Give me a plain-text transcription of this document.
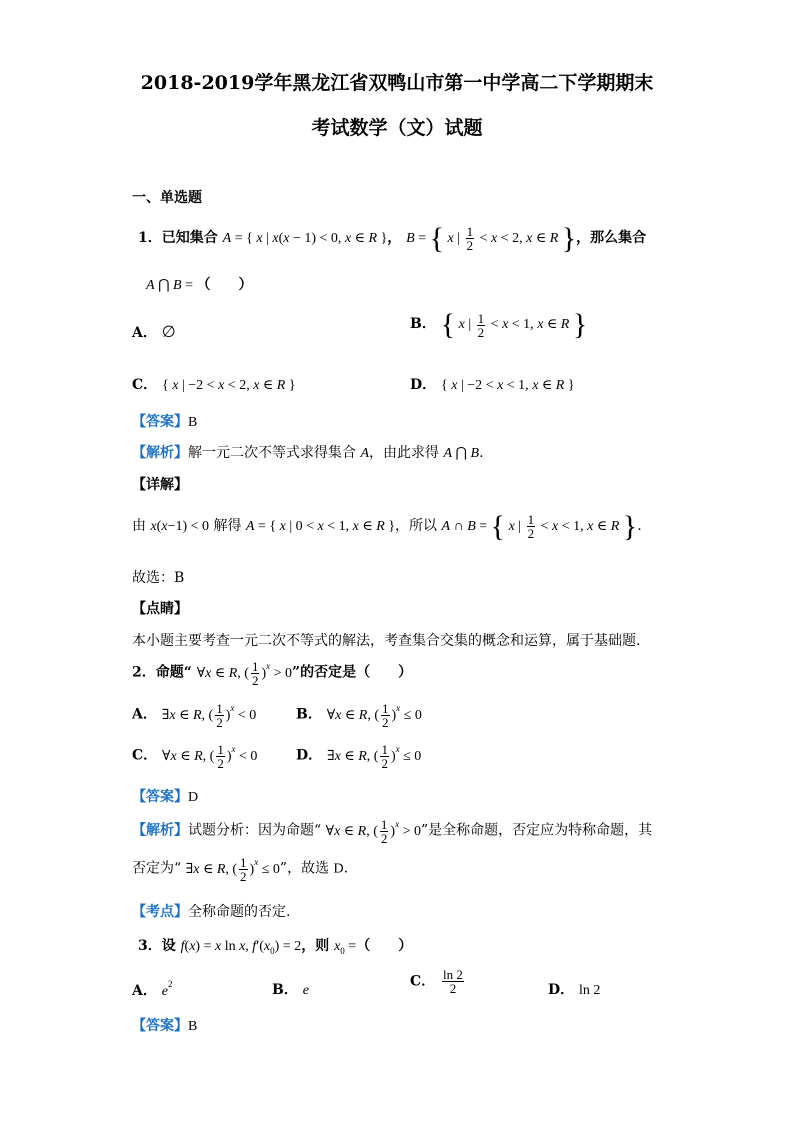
2018-2019学年黑龙江省双鸭山市第一中学高二下学期期末
考试数学（文）试题
一、单选题
1．已知集合 A = { x | x(x − 1) < 0, x ∈ R }， B = { x | $\frac{1}{2} < x < 2$, x ∈ R }，那么集合
A ⋂ B = （　　）
A． ∅	B． { x | $\frac{1}{2} < x < 1$, x ∈ R }
C． { x | −2 < x < 2, x ∈ R }	D． { x | −2 < x < 1, x ∈ R }
【答案】B
【解析】解一元二次不等式求得集合 A，由此求得 A ⋂ B.
【详解】
由 x(x−1) < 0 解得 A = { x | 0 < x < 1, x ∈ R }，所以 A ∩ B = { x | $\frac{1}{2} < x < 1$, x ∈ R }.
故选：B
【点睛】
本小题主要考查一元二次不等式的解法，考查集合交集的概念和运算，属于基础题.
2．命题“ ∀x ∈ R, ( $\frac{1}{2} )^x > 0$”的否定是（　　）
A． ∃x ∈ R, ( $\frac{1}{2} )^x < 0$	B． ∀x ∈ R, ( $\frac{1}{2} )^x \le 0$
C． ∀x ∈ R, ( $\frac{1}{2} )^x < 0$	D． ∃x ∈ R, ( $\frac{1}{2} )^x \le 0$
【答案】D
【解析】试题分析：因为命题“ ∀x ∈ R, ( $\frac{1}{2} )^x > 0$”是全称命题，否定应为特称命题，其
否定为“ ∃x ∈ R, ( $\frac{1}{2} )^x \le 0$”，故选 D.
【考点】全称命题的否定.
3．设 f(x) = x ln x, $f'(x_0) = 2$，则 $x_0$ =（　　）
A． $e^2$	B． e
C． $\frac{\ln 2}{2}$	D． ln 2
【答案】B
